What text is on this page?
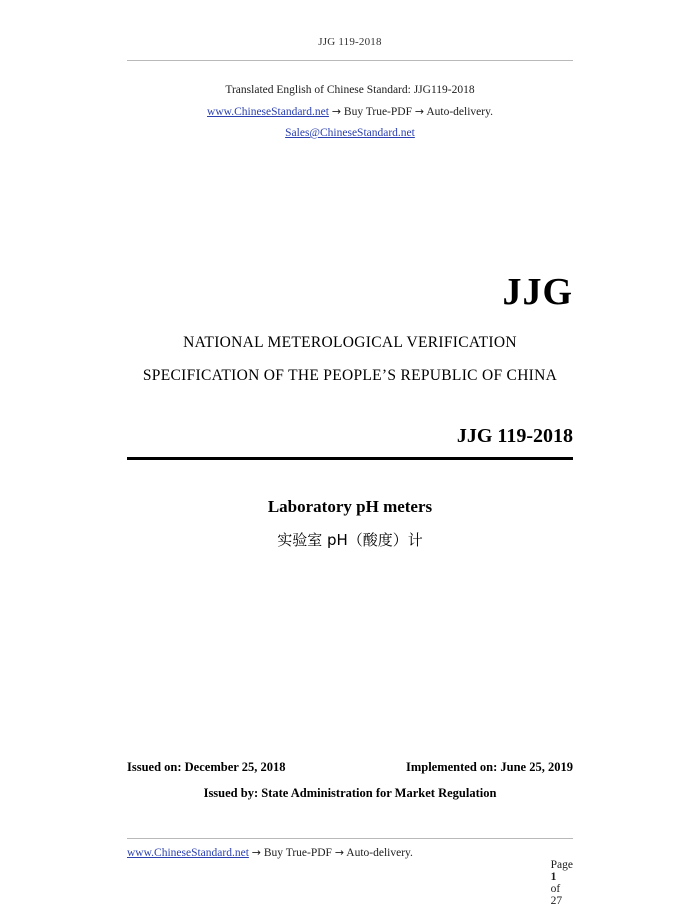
JJG 119-2018
Translated English of Chinese Standard: JJG119-2018
www.ChineseStandard.net → Buy True-PDF → Auto-delivery.
Sales@ChineseStandard.net
JJG
NATIONAL METEROLOGICAL VERIFICATION
SPECIFICATION OF THE PEOPLE’S REPUBLIC OF CHINA
JJG 119-2018
Laboratory pH meters
实验室 pH（酸度）计
Issued on: December 25, 2018	Implemented on: June 25, 2019
Issued by: State Administration for Market Regulation
www.ChineseStandard.net → Buy True-PDF → Auto-delivery.

Page
1
of
27
